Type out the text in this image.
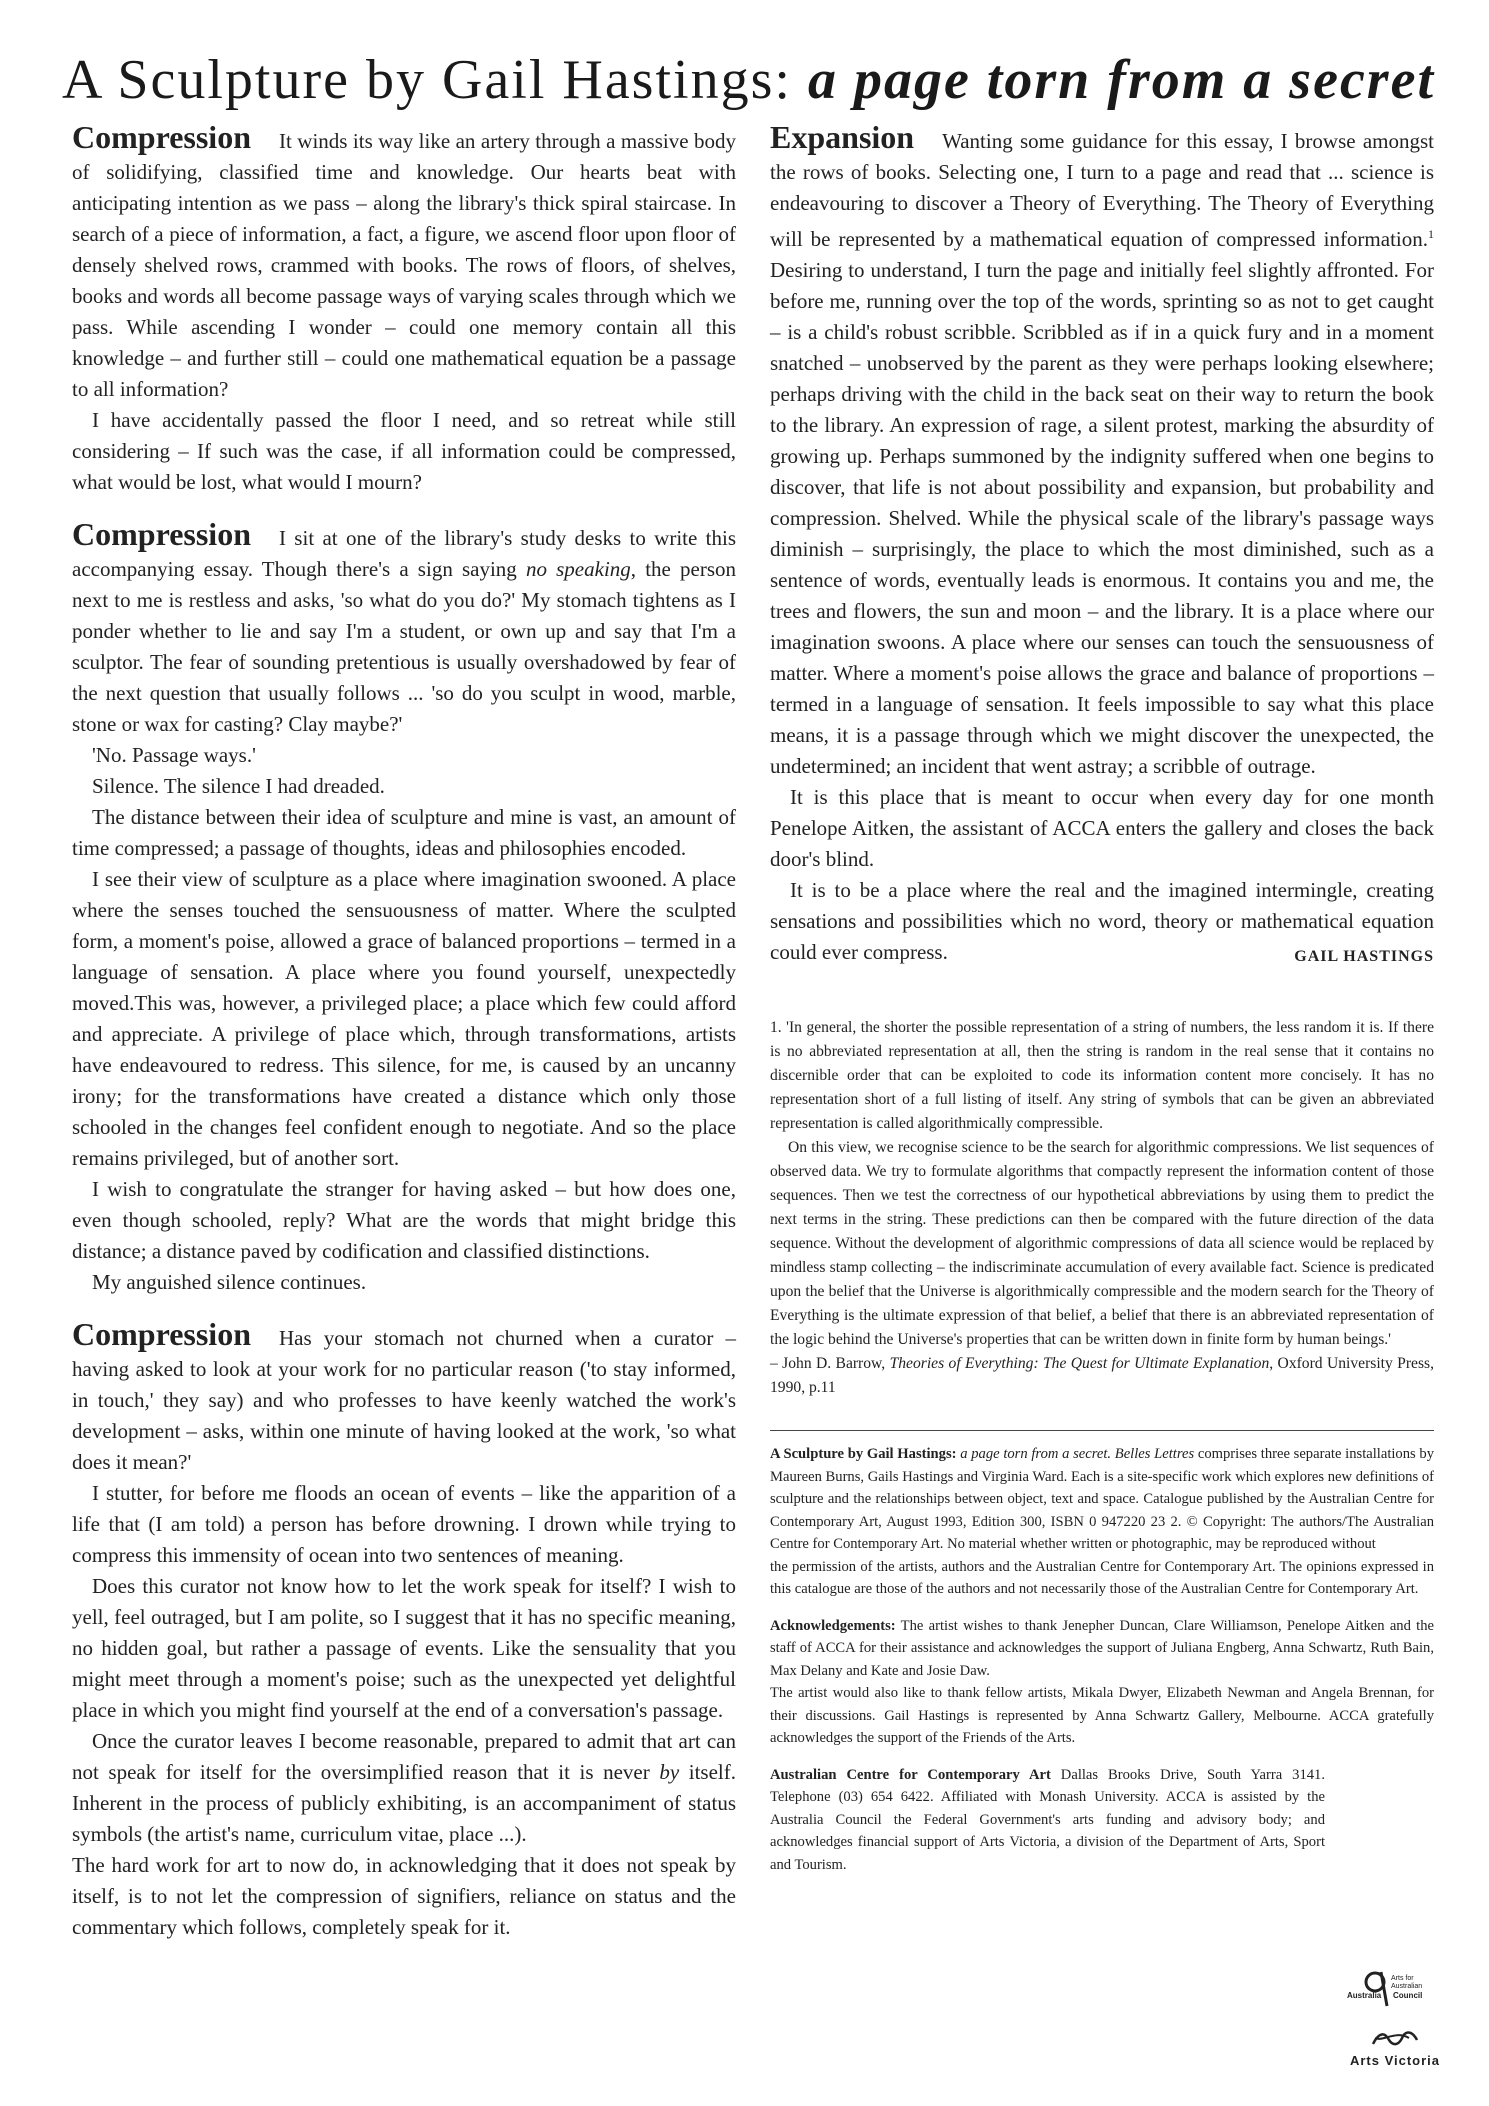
A Sculpture by Gail Hastings: a page torn from a secret

Compression It winds its way like an artery through a massive body of solidifying, classified time and knowledge. Our hearts beat with anticipating intention as we pass – along the library's thick spiral staircase. In search of a piece of information, a fact, a figure, we ascend floor upon floor of densely shelved rows, crammed with books. The rows of floors, of shelves, books and words all become passage ways of varying scales through which we pass. While ascending I wonder – could one memory contain all this knowledge – and further still – could one mathematical equation be a passage to all information?

I have accidentally passed the floor I need, and so retreat while still considering – If such was the case, if all information could be compressed, what would be lost, what would I mourn?

Compression I sit at one of the library's study desks to write this accompanying essay. Though there's a sign saying no speaking, the person next to me is restless and asks, 'so what do you do?' My stomach tightens as I ponder whether to lie and say I'm a student, or own up and say that I'm a sculptor. The fear of sounding pretentious is usually overshadowed by fear of the next question that usually follows ... 'so do you sculpt in wood, marble, stone or wax for casting? Clay maybe?'

'No. Passage ways.'

Silence. The silence I had dreaded.

The distance between their idea of sculpture and mine is vast, an amount of time compressed; a passage of thoughts, ideas and philosophies encoded.

I see their view of sculpture as a place where imagination swooned. A place where the senses touched the sensuousness of matter. Where the sculpted form, a moment's poise, allowed a grace of balanced proportions – termed in a language of sensation. A place where you found yourself, unexpectedly moved.This was, however, a privileged place; a place which few could afford and appreciate. A privilege of place which, through transformations, artists have endeavoured to redress. This silence, for me, is caused by an uncanny irony; for the transformations have created a distance which only those schooled in the changes feel confident enough to negotiate. And so the place remains privileged, but of another sort.

I wish to congratulate the stranger for having asked – but how does one, even though schooled, reply? What are the words that might bridge this distance; a distance paved by codification and classified distinctions.

My anguished silence continues.

Compression Has your stomach not churned when a curator – having asked to look at your work for no particular reason ('to stay informed, in touch,' they say) and who professes to have keenly watched the work's development – asks, within one minute of having looked at the work, 'so what does it mean?'

I stutter, for before me floods an ocean of events – like the apparition of a life that (I am told) a person has before drowning. I drown while trying to compress this immensity of ocean into two sentences of meaning.

Does this curator not know how to let the work speak for itself? I wish to yell, feel outraged, but I am polite, so I suggest that it has no specific meaning, no hidden goal, but rather a passage of events. Like the sensuality that you might meet through a moment's poise; such as the unexpected yet delightful place in which you might find yourself at the end of a conversation's passage.

Once the curator leaves I become reasonable, prepared to admit that art can not speak for itself for the oversimplified reason that it is never by itself. Inherent in the process of publicly exhibiting, is an accompaniment of status symbols (the artist's name, curriculum vitae, place ...).

The hard work for art to now do, in acknowledging that it does not speak by itself, is to not let the compression of signifiers, reliance on status and the commentary which follows, completely speak for it.

Expansion Wanting some guidance for this essay, I browse amongst the rows of books. Selecting one, I turn to a page and read that ... science is endeavouring to discover a Theory of Everything. The Theory of Everything will be represented by a mathematical equation of compressed information.$^1$ Desiring to understand, I turn the page and initially feel slightly affronted. For before me, running over the top of the words, sprinting so as not to get caught – is a child's robust scribble. Scribbled as if in a quick fury and in a moment snatched – unobserved by the parent as they were perhaps looking elsewhere; perhaps driving with the child in the back seat on their way to return the book to the library. An expression of rage, a silent protest, marking the absurdity of growing up. Perhaps summoned by the indignity suffered when one begins to discover, that life is not about possibility and expansion, but probability and compression. Shelved. While the physical scale of the library's passage ways diminish – surprisingly, the place to which the most diminished, such as a sentence of words, eventually leads is enormous. It contains you and me, the trees and flowers, the sun and moon – and the library. It is a place where our imagination swoons. A place where our senses can touch the sensuousness of matter. Where a moment's poise allows the grace and balance of proportions – termed in a language of sensation. It feels impossible to say what this place means, it is a passage through which we might discover the unexpected, the undetermined; an incident that went astray; a scribble of outrage.

It is this place that is meant to occur when every day for one month Penelope Aitken, the assistant of ACCA enters the gallery and closes the back door's blind.

It is to be a place where the real and the imagined intermingle, creating sensations and possibilities which no word, theory or mathematical equation could ever compress.	GAIL HASTINGS

1. 'In general, the shorter the possible representation of a string of numbers, the less random it is. If there is no abbreviated representation at all, then the string is random in the real sense that it contains no discernible order that can be exploited to code its information content more concisely. It has no representation short of a full listing of itself. Any string of symbols that can be given an abbreviated representation is called algorithmically compressible.

On this view, we recognise science to be the search for algorithmic compressions. We list sequences of observed data. We try to formulate algorithms that compactly represent the information content of those sequences. Then we test the correctness of our hypothetical abbreviations by using them to predict the next terms in the string. These predictions can then be compared with the future direction of the data sequence. Without the development of algorithmic compressions of data all science would be replaced by mindless stamp collecting – the indiscriminate accumulation of every available fact. Science is predicated upon the belief that the Universe is algorithmically compressible and the modern search for the Theory of Everything is the ultimate expression of that belief, a belief that there is an abbreviated representation of the logic behind the Universe's properties that can be written down in finite form by human beings.'

– John D. Barrow, Theories of Everything: The Quest for Ultimate Explanation, Oxford University Press, 1990, p.11

A Sculpture by Gail Hastings: a page torn from a secret. Belles Lettres comprises three separate installations by Maureen Burns, Gails Hastings and Virginia Ward. Each is a site-specific work which explores new definitions of sculpture and the relationships between object, text and space. Catalogue published by the Australian Centre for Contemporary Art, August 1993, Edition 300, ISBN 0 947220 23 2. © Copyright: The authors/The Australian Centre for Contemporary Art. No material whether written or photographic, may be reproduced without

the permission of the artists, authors and the Australian Centre for Contemporary Art. The opinions expressed in this catalogue are those of the authors and not necessarily those of the Australian Centre for Contemporary Art.

Acknowledgements: The artist wishes to thank Jenepher Duncan, Clare Williamson, Penelope Aitken and the staff of ACCA for their assistance and acknowledges the support of Juliana Engberg, Anna Schwartz, Ruth Bain, Max Delany and Kate and Josie Daw.

The artist would also like to thank fellow artists, Mikala Dwyer, Elizabeth Newman and Angela Brennan, for their discussions. Gail Hastings is represented by Anna Schwartz Gallery, Melbourne. ACCA gratefully acknowledges the support of the Friends of the Arts.

Australian Centre for Contemporary Art Dallas Brooks Drive, South Yarra 3141. Telephone (03) 654 6422. Affiliated with Monash University. ACCA is assisted by the Australia Council the Federal Government's arts funding and advisory body; and acknowledges financial support of Arts Victoria, a division of the Department of Arts, Sport and Tourism.

Arts for
Australian
Council
Australia
Arts Victoria
